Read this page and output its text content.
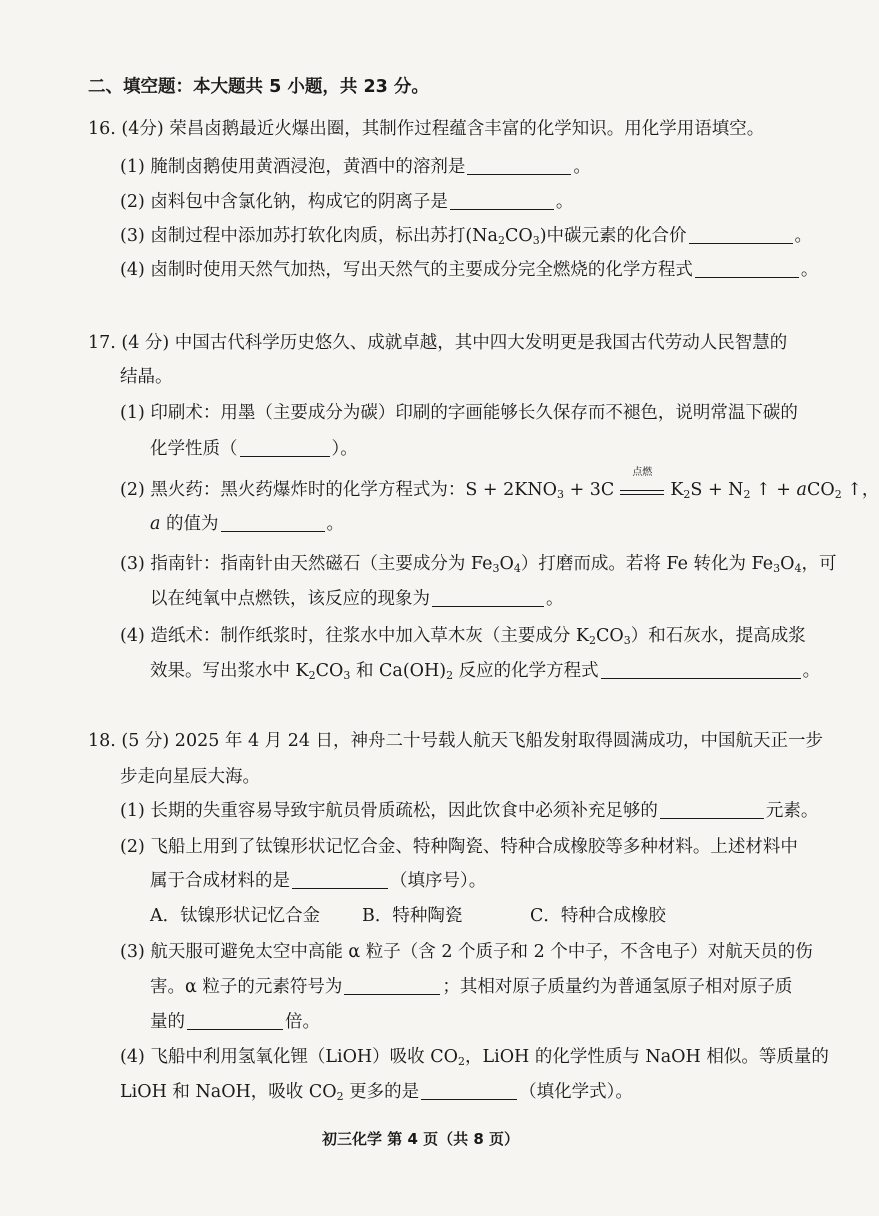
二、填空题：本大题共 5 小题，共 23 分。
16. (4分) 荣昌卤鹅最近火爆出圈，其制作过程蕴含丰富的化学知识。用化学用语填空。
(1) 腌制卤鹅使用黄酒浸泡，黄酒中的溶剂是	。
(2) 卤料包中含氯化钠，构成它的阴离子是	。
(3) 卤制过程中添加苏打软化肉质，标出苏打$(Na_2CO_3)$中碳元素的化合价	。
(4) 卤制时使用天然气加热，写出天然气的主要成分完全燃烧的化学方程式	。
17. (4 分) 中国古代科学历史悠久、成就卓越，其中四大发明更是我国古代劳动人民智慧的
结晶。
(1) 印刷术：用墨（主要成分为碳）印刷的字画能够长久保存而不褪色，说明常温下碳的
化学性质（	）。
(2) 黑火药：黑火药爆炸时的化学方程式为：$S + 2KNO_3 + 3C$
点燃
$K_2S + N_2$ ↑ + aCO$_2$ ↑，
a 的值为	。
(3) 指南针：指南针由天然磁石（主要成分为 $Fe_3O_4$）打磨而成。若将 Fe 转化为 $Fe_3O_4$，可
以在纯氧中点燃铁，该反应的现象为	。
(4) 造纸术：制作纸浆时，往浆水中加入草木灰（主要成分 $K_2CO_3$）和石灰水，提高成浆
效果。写出浆水中 $K_2CO_3$ 和 $Ca(OH)_2$ 反应的化学方程式	。
18. (5 分) 2025 年 4 月 24 日，神舟二十号载人航天飞船发射取得圆满成功，中国航天正一步
步走向星辰大海。
(1) 长期的失重容易导致宇航员骨质疏松，因此饮食中必须补充足够的	元素。
(2) 飞船上用到了钛镍形状记忆合金、特种陶瓷、特种合成橡胶等多种材料。上述材料中
属于合成材料的是	（填序号）。
A．钛镍形状记忆合金 B．特种陶瓷	C．特种合成橡胶
(3) 航天服可避免太空中高能 α 粒子（含 2 个质子和 2 个中子，不含电子）对航天员的伤
害。α 粒子的元素符号为	；其相对原子质量约为普通氢原子相对原子质
量的	倍。
(4) 飞船中利用氢氧化锂（LiOH）吸收 $CO_2$，LiOH 的化学性质与 NaOH 相似。等质量的
LiOH 和 NaOH，吸收 $CO_2$ 更多的是	（填化学式）。
初三化学 第 4 页（共 8 页）
